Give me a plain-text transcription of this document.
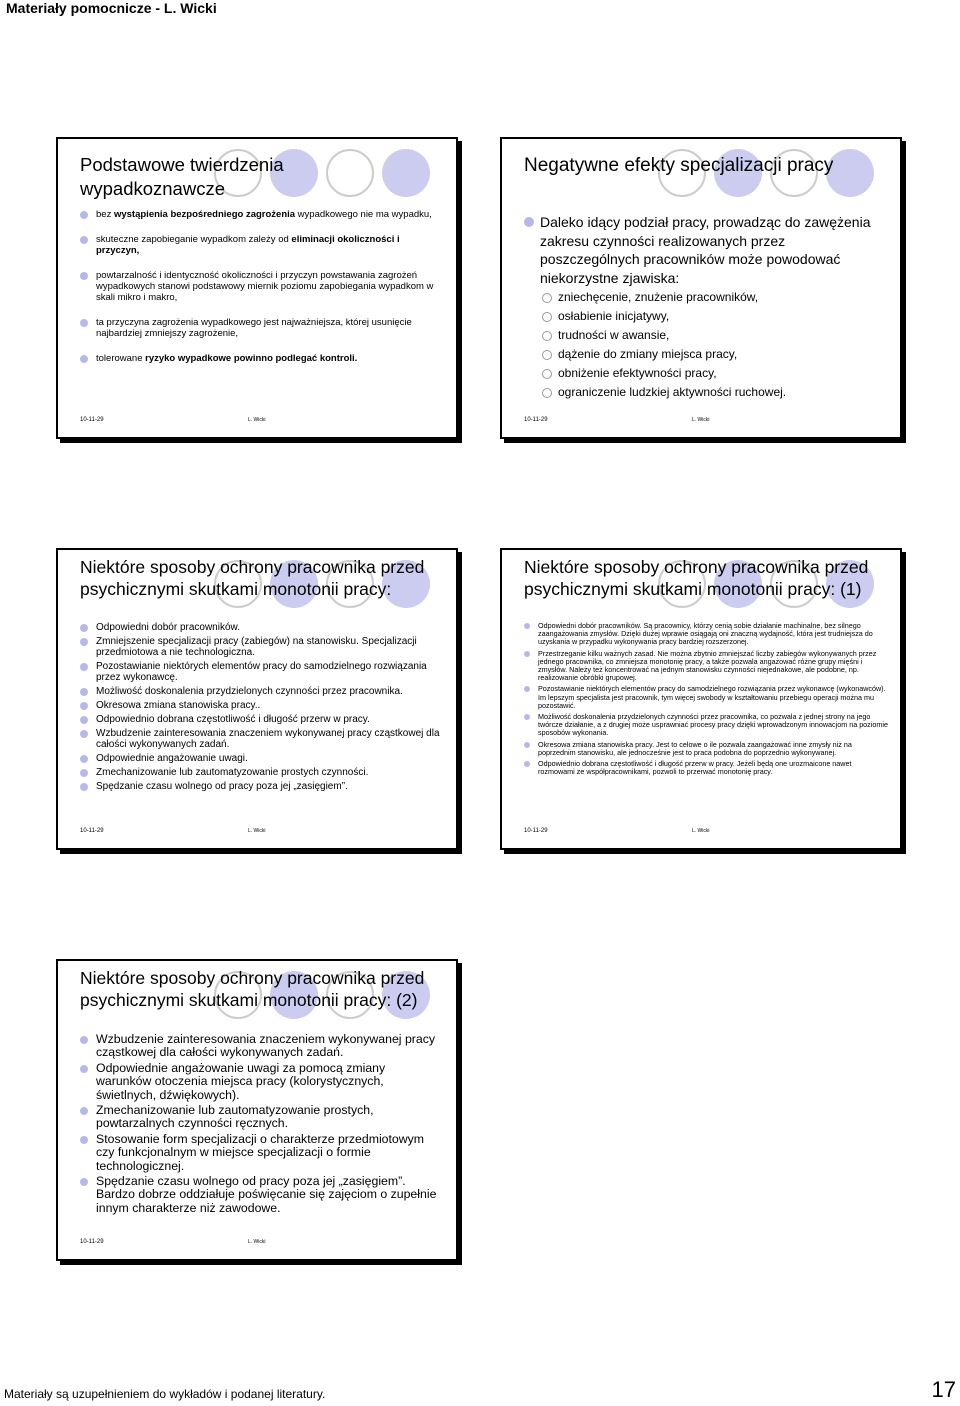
Materiały pomocnicze - L. Wicki
Podstawowe twierdzenia wypadkoznawcze
bez wystąpienia bezpośredniego zagrożenia wypadkowego nie ma wypadku,
skuteczne zapobieganie wypadkom zależy od eliminacji okoliczności i przyczyn,
powtarzalność i identyczność okoliczności i przyczyn powstawania zagrożeń wypadkowych stanowi podstawowy miernik poziomu zapobiegania wypadkom w skali mikro i makro,
ta przyczyna zagrożenia wypadkowego jest najważniejsza, której usunięcie najbardziej zmniejszy zagrożenie,
tolerowane ryzyko wypadkowe powinno podlegać kontroli.
10-11-29	L. Wicki
Negatywne efekty specjalizacji pracy
Daleko idący podział pracy, prowadząc do zawężenia zakresu czynności realizowanych przez poszczególnych pracowników może powodować niekorzystne zjawiska:
zniechęcenie, znużenie pracowników,
osłabienie inicjatywy,
trudności w awansie,
dążenie do zmiany miejsca pracy,
obniżenie efektywności pracy,
ograniczenie ludzkiej aktywności ruchowej.
10-11-29	L. Wicki
Niektóre sposoby ochrony pracownika przed psychicznymi skutkami monotonii pracy:
Odpowiedni dobór pracowników.
Zmniejszenie specjalizacji pracy (zabiegów) na stanowisku. Specjalizacji przedmiotowa a nie technologiczna.
Pozostawianie niektórych elementów pracy do samodzielnego rozwiązania przez wykonawcę.
Możliwość doskonalenia przydzielonych czynności przez pracownika.
Okresowa zmiana stanowiska pracy..
Odpowiednio dobrana częstotliwość i długość przerw w pracy.
Wzbudzenie zainteresowania znaczeniem wykonywanej pracy cząstkowej dla całości wykonywanych zadań.
Odpowiednie angażowanie uwagi.
Zmechanizowanie lub zautomatyzowanie prostych czynności.
Spędzanie czasu wolnego od pracy poza jej „zasięgiem”.
10-11-29	L. Wicki
Niektóre sposoby ochrony pracownika przed psychicznymi skutkami monotonii pracy: (1)
Odpowiedni dobór pracowników. Są pracownicy, którzy cenią sobie działanie machinalne, bez silnego zaangażowania zmysłów. Dzięki dużej wprawie osiągają oni znaczną wydajność, która jest trudniejsza do uzyskania w przypadku wykonywania pracy bardziej rozszerzonej.
Przestrzeganie kilku ważnych zasad. Nie można zbytnio zmniejszać liczby zabiegów wykonywanych przez jednego pracownika, co zmniejsza monotonię pracy, a także pozwala angażować różne grupy mięśni i zmysłów. Należy też koncentrować na jednym stanowisku czynności niejednakowe, ale podobne, np. realizowanie obróbki grupowej.
Pozostawianie niektórych elementów pracy do samodzielnego rozwiązania przez wykonawcę (wykonawców). Im lepszym specjalista jest pracownik, tym więcej swobody w kształtowaniu przebiegu operacji można mu pozostawić.
Możliwość doskonalenia przydzielonych czynności przez pracownika, co pozwala z jednej strony na jego twórcze działanie, a z drugiej może usprawniać procesy pracy dzięki wprowadzonym innowacjom na poziomie sposobów wykonania.
Okresowa zmiana stanowiska pracy. Jest to celowe o ile pozwala zaangażować inne zmysły niż na poprzednim stanowisku, ale jednocześnie jest to praca podobna do poprzednio wykonywanej.
Odpowiednio dobrana częstotliwość i długość przerw w pracy. Jeżeli będą one urozmaicone nawet rozmowami ze współpracownikami, pozwoli to przerwać monotonię pracy.
10-11-29	L. Wicki
Niektóre sposoby ochrony pracownika przed psychicznymi skutkami monotonii pracy: (2)
Wzbudzenie zainteresowania znaczeniem wykonywanej pracy cząstkowej dla całości wykonywanych zadań.
Odpowiednie angażowanie uwagi za pomocą zmiany warunków otoczenia miejsca pracy (kolorystycznych, świetlnych, dźwiękowych).
Zmechanizowanie lub zautomatyzowanie prostych, powtarzalnych czynności ręcznych.
Stosowanie form specjalizacji o charakterze przedmiotowym czy funkcjonalnym w miejsce specjalizacji o formie technologicznej.
Spędzanie czasu wolnego od pracy poza jej „zasięgiem”. Bardzo dobrze oddziałuje poświęcanie się zajęciom o zupełnie innym charakterze niż zawodowe.
10-11-29	L. Wicki
Materiały są uzupełnieniem do wykładów i podanej literatury.	17
